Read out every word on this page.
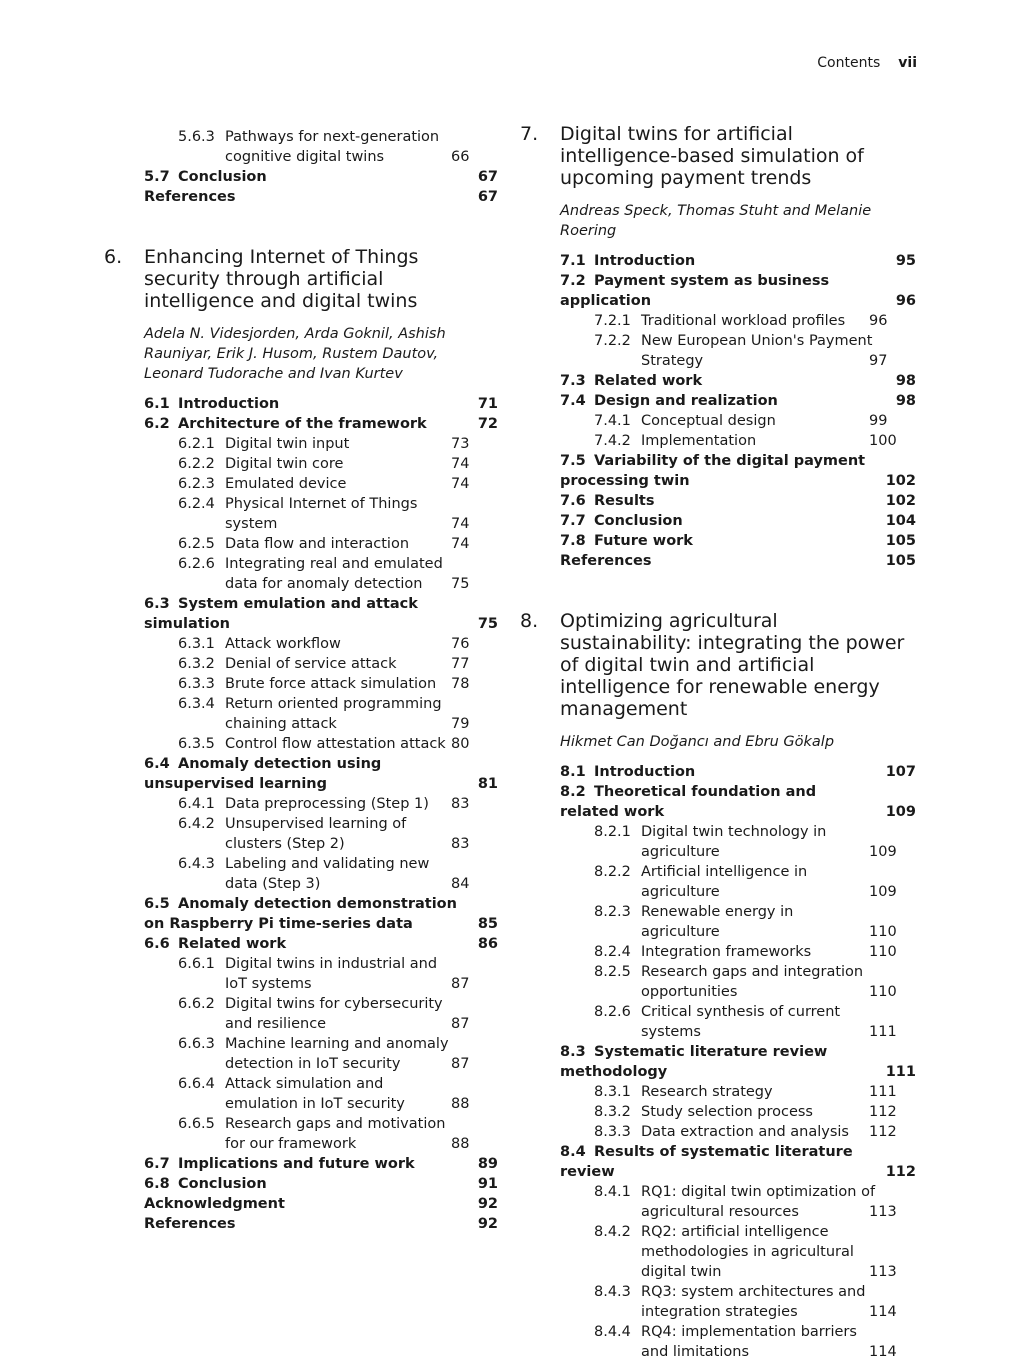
Contents vii
5.6.3 Pathways for next-generation cognitive digital twins	66
5.7 Conclusion	67
References	67
6.	Enhancing Internet of Things security through artificial intelligence and digital twins
Adela N. Videsjorden, Arda Goknil, Ashish Rauniyar, Erik J. Husom, Rustem Dautov, Leonard Tudorache and Ivan Kurtev
6.1 Introduction	71
6.2 Architecture of the framework	72
6.2.1 Digital twin input	73
6.2.2 Digital twin core	74
6.2.3 Emulated device	74
6.2.4 Physical Internet of Things system	74
6.2.5 Data flow and interaction	74
6.2.6 Integrating real and emulated data for anomaly detection 75
6.3 System emulation and attack simulation	75
6.3.1 Attack workflow	76
6.3.2 Denial of service attack	77
6.3.3 Brute force attack simulation 78
6.3.4 Return oriented programming chaining attack	79
6.3.5 Control flow attestation attack 80
6.4 Anomaly detection using unsupervised learning	81
6.4.1 Data preprocessing (Step 1) 83
6.4.2 Unsupervised learning of clusters (Step 2)	83
6.4.3 Labeling and validating new data (Step 3)	84
6.5 Anomaly detection demonstration on Raspberry Pi time-series data	85
6.6 Related work	86
6.6.1 Digital twins in industrial and IoT systems	87
6.6.2 Digital twins for cybersecurity and resilience	87
6.6.3 Machine learning and anomaly detection in IoT security	87
6.6.4 Attack simulation and emulation in IoT security	88
6.6.5 Research gaps and motivation for our framework	88
6.7 Implications and future work	89
6.8 Conclusion	91
Acknowledgment	92
References	92
7.	Digital twins for artificial intelligence-based simulation of upcoming payment trends
Andreas Speck, Thomas Stuht and Melanie Roering
7.1 Introduction	95
7.2 Payment system as business application	96
7.2.1 Traditional workload profiles 96
7.2.2 New European Union's Payment Strategy	97
7.3 Related work	98
7.4 Design and realization	98
7.4.1 Conceptual design	99
7.4.2 Implementation	100
7.5 Variability of the digital payment processing twin	102
7.6 Results	102
7.7 Conclusion	104
7.8 Future work	105
References	105
8.	Optimizing agricultural sustainability: integrating the power of digital twin and artificial intelligence for renewable energy management
Hikmet Can Doğancı and Ebru Gökalp
8.1 Introduction	107
8.2 Theoretical foundation and related work	109
8.2.1 Digital twin technology in agriculture	109
8.2.2 Artificial intelligence in agriculture	109
8.2.3 Renewable energy in agriculture	110
8.2.4 Integration frameworks	110
8.2.5 Research gaps and integration opportunities	110
8.2.6 Critical synthesis of current systems	111
8.3 Systematic literature review methodology	111
8.3.1 Research strategy	111
8.3.2 Study selection process	112
8.3.3 Data extraction and analysis 112
8.4 Results of systematic literature review	112
8.4.1 RQ1: digital twin optimization of agricultural resources	113
8.4.2 RQ2: artificial intelligence methodologies in agricultural digital twin	113
8.4.3 RQ3: system architectures and integration strategies	114
8.4.4 RQ4: implementation barriers and limitations	114
